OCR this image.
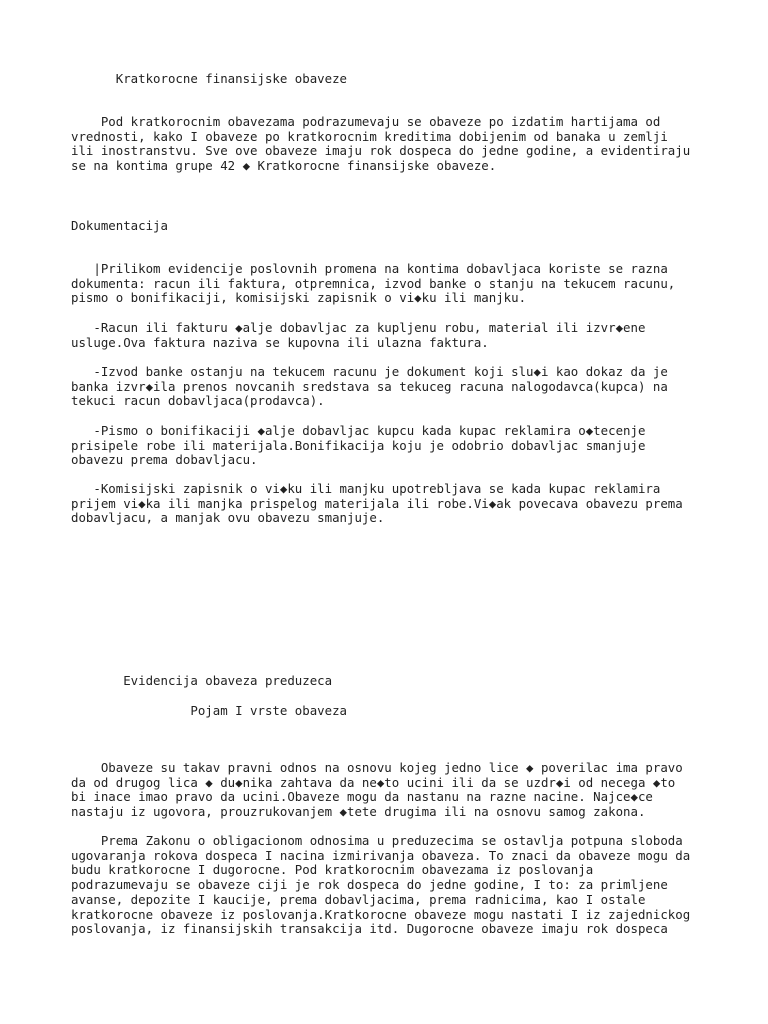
Kratkorocne finansijske obaveze
Pod kratkorocnim obavezama podrazumevaju se obaveze po izdatim hartijama od
vrednosti, kako I obaveze po kratkorocnim kreditima dobijenim od banaka u zemlji
ili inostranstvu. Sve ove obaveze imaju rok dospeca do jedne godine, a evidentiraju
se na kontima grupe 42 ◆ Kratkorocne finansijske obaveze.
Dokumentacija
|Prilikom evidencije poslovnih promena na kontima dobavljaca koriste se razna
dokumenta: racun ili faktura, otpremnica, izvod banke o stanju na tekucem racunu,
pismo o bonifikaciji, komisijski zapisnik o vi◆ku ili manjku.
-Racun ili fakturu ◆alje dobavljac za kupljenu robu, material ili izvr◆ene
usluge.Ova faktura naziva se kupovna ili ulazna faktura.
-Izvod banke ostanju na tekucem racunu je dokument koji slu◆i kao dokaz da je
banka izvr◆ila prenos novcanih sredstava sa tekuceg racuna nalogodavca(kupca) na
tekuci racun dobavljaca(prodavca).
-Pismo o bonifikaciji ◆alje dobavljac kupcu kada kupac reklamira o◆tecenje
prisipele robe ili materijala.Bonifikacija koju je odobrio dobavljac smanjuje
obavezu prema dobavljacu.
-Komisijski zapisnik o vi◆ku ili manjku upotrebljava se kada kupac reklamira
prijem vi◆ka ili manjka prispelog materijala ili robe.Vi◆ak povecava obavezu prema
dobavljacu, a manjak ovu obavezu smanjuje.
Evidencija obaveza preduzeca
Pojam I vrste obaveza
Obaveze su takav pravni odnos na osnovu kojeg jedno lice ◆ poverilac ima pravo
da od drugog lica ◆ du◆nika zahtava da ne◆to ucini ili da se uzdr◆i od necega ◆to
bi inace imao pravo da ucini.Obaveze mogu da nastanu na razne nacine. Najce◆ce
nastaju iz ugovora, prouzrukovanjem ◆tete drugima ili na osnovu samog zakona.
Prema Zakonu o obligacionom odnosima u preduzecima se ostavlja potpuna sloboda
ugovaranja rokova dospeca I nacina izmirivanja obaveza. To znaci da obaveze mogu da
budu kratkorocne I dugorocne. Pod kratkorocnim obavezama iz poslovanja
podrazumevaju se obaveze ciji je rok dospeca do jedne godine, I to: za primljene
avanse, depozite I kaucije, prema dobavljacima, prema radnicima, kao I ostale
kratkorocne obaveze iz poslovanja.Kratkorocne obaveze mogu nastati I iz zajednickog
poslovanja, iz finansijskih transakcija itd. Dugorocne obaveze imaju rok dospeca
